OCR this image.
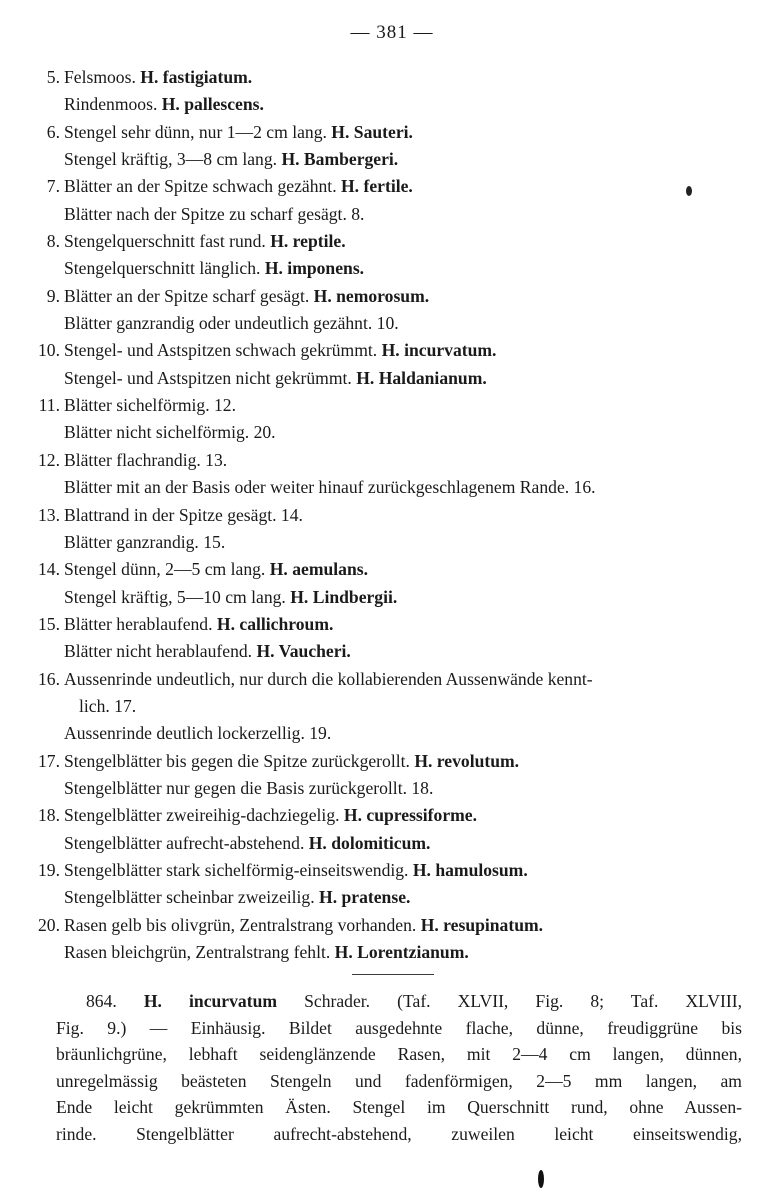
— 381 —
5. Felsmoos. H. fastigiatum.
Rindenmoos. H. pallescens.
6. Stengel sehr dünn, nur 1—2 cm lang. H. Sauteri.
Stengel kräftig, 3—8 cm lang. H. Bambergeri.
7. Blätter an der Spitze schwach gezähnt. H. fertile.
Blätter nach der Spitze zu scharf gesägt. 8.
8. Stengelquerschnitt fast rund. H. reptile.
Stengelquerschnitt länglich. H. imponens.
9. Blätter an der Spitze scharf gesägt. H. nemorosum.
Blätter ganzrandig oder undeutlich gezähnt. 10.
10. Stengel- und Astspitzen schwach gekrümmt. H. incurvatum.
Stengel- und Astspitzen nicht gekrümmt. H. Haldanianum.
11. Blätter sichelförmig. 12.
Blätter nicht sichelförmig. 20.
12. Blätter flachrandig. 13.
Blätter mit an der Basis oder weiter hinauf zurückgeschlagenem Rande. 16.
13. Blattrand in der Spitze gesägt. 14.
Blätter ganzrandig. 15.
14. Stengel dünn, 2—5 cm lang. H. aemulans.
Stengel kräftig, 5—10 cm lang. H. Lindbergii.
15. Blätter herablaufend. H. callichroum.
Blätter nicht herablaufend. H. Vaucheri.
16. Aussenrinde undeutlich, nur durch die kollabierenden Aussenwände kennt-
lich. 17.
Aussenrinde deutlich lockerzellig. 19.
17. Stengelblätter bis gegen die Spitze zurückgerollt. H. revolutum.
Stengelblätter nur gegen die Basis zurückgerollt. 18.
18. Stengelblätter zweireihig-dachziegelig. H. cupressiforme.
Stengelblätter aufrecht-abstehend. H. dolomiticum.
19. Stengelblätter stark sichelförmig-einseitswendig. H. hamulosum.
Stengelblätter scheinbar zweizeilig. H. pratense.
20. Rasen gelb bis olivgrün, Zentralstrang vorhanden. H. resupinatum.
Rasen bleichgrün, Zentralstrang fehlt. H. Lorentzianum.
864. H. incurvatum Schrader. (Taf. XLVII, Fig. 8; Taf. XLVIII,
Fig. 9.) — Einhäusig. Bildet ausgedehnte flache, dünne, freudiggrüne bis
bräunlichgrüne, lebhaft seidenglänzende Rasen, mit 2—4 cm langen, dünnen,
unregelmässig beästeten Stengeln und fadenförmigen, 2—5 mm langen, am
Ende leicht gekrümmten Ästen. Stengel im Querschnitt rund, ohne Aussen-
rinde. Stengelblätter aufrecht-abstehend, zuweilen leicht einseitswendig,
